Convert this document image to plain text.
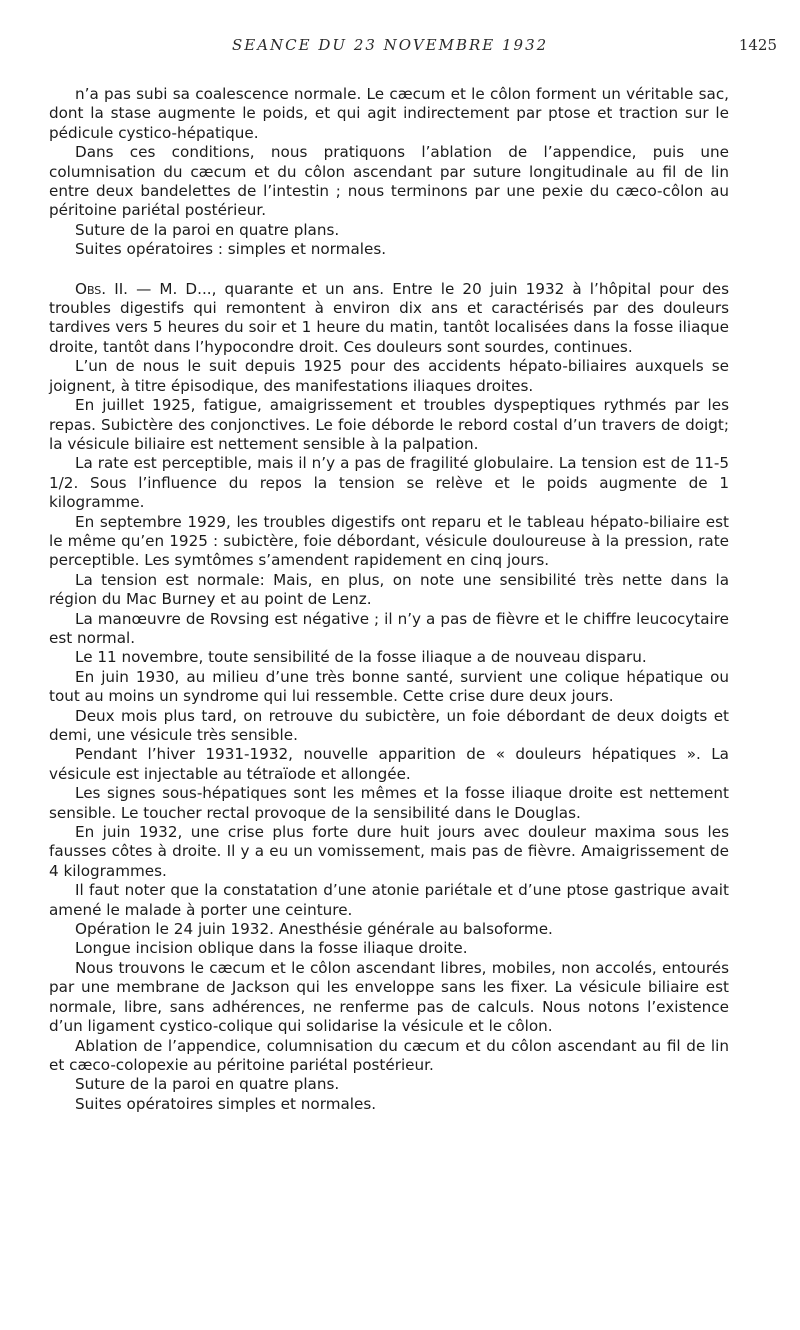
SEANCE DU 23 NOVEMBRE 1932	1425

n’a pas subi sa coalescence normale. Le cæcum et le côlon forment un véritable sac, dont la stase augmente le poids, et qui agit indirectement par ptose et traction sur le pédicule cystico-hépatique.

Dans ces conditions, nous pratiquons l’ablation de l’appendice, puis une columnisation du cæcum et du côlon ascendant par suture longitudinale au fil de lin entre deux bandelettes de l’intestin ; nous terminons par une pexie du cæco-côlon au péritoine pariétal postérieur.

Suture de la paroi en quatre plans.

Suites opératoires : simples et normales.

Obs. II. — M. D..., quarante et un ans. Entre le 20 juin 1932 à l’hôpital pour des troubles digestifs qui remontent à environ dix ans et caractérisés par des douleurs tardives vers 5 heures du soir et 1 heure du matin, tantôt localisées dans la fosse iliaque droite, tantôt dans l’hypocondre droit. Ces douleurs sont sourdes, continues.

L’un de nous le suit depuis 1925 pour des accidents hépato-biliaires auxquels se joignent, à titre épisodique, des manifestations iliaques droites.

En juillet 1925, fatigue, amaigrissement et troubles dyspeptiques rythmés par les repas. Subictère des conjonctives. Le foie déborde le rebord costal d’un travers de doigt; la vésicule biliaire est nettement sensible à la palpation.

La rate est perceptible, mais il n’y a pas de fragilité globulaire. La tension est de 11-5 1/2. Sous l’influence du repos la tension se relève et le poids augmente de 1 kilogramme.

En septembre 1929, les troubles digestifs ont reparu et le tableau hépato-biliaire est le même qu’en 1925 : subictère, foie débordant, vésicule douloureuse à la pression, rate perceptible. Les symtômes s’amendent rapidement en cinq jours.

La tension est normale: Mais, en plus, on note une sensibilité très nette dans la région du Mac Burney et au point de Lenz.

La manœuvre de Rovsing est négative ; il n’y a pas de fièvre et le chiffre leucocytaire est normal.

Le 11 novembre, toute sensibilité de la fosse iliaque a de nouveau disparu.

En juin 1930, au milieu d’une très bonne santé, survient une colique hépatique ou tout au moins un syndrome qui lui ressemble. Cette crise dure deux jours.

Deux mois plus tard, on retrouve du subictère, un foie débordant de deux doigts et demi, une vésicule très sensible.

Pendant l’hiver 1931-1932, nouvelle apparition de « douleurs hépatiques ». La vésicule est injectable au tétraïode et allongée.

Les signes sous-hépatiques sont les mêmes et la fosse iliaque droite est nettement sensible. Le toucher rectal provoque de la sensibilité dans le Douglas.

En juin 1932, une crise plus forte dure huit jours avec douleur maxima sous les fausses côtes à droite. Il y a eu un vomissement, mais pas de fièvre. Amaigrissement de 4 kilogrammes.

Il faut noter que la constatation d’une atonie pariétale et d’une ptose gastrique avait amené le malade à porter une ceinture.

Opération le 24 juin 1932. Anesthésie générale au balsoforme.

Longue incision oblique dans la fosse iliaque droite.

Nous trouvons le cæcum et le côlon ascendant libres, mobiles, non accolés, entourés par une membrane de Jackson qui les enveloppe sans les fixer. La vésicule biliaire est normale, libre, sans adhérences, ne renferme pas de calculs. Nous notons l’existence d’un ligament cystico-colique qui solidarise la vésicule et le côlon.

Ablation de l’appendice, columnisation du cæcum et du côlon ascendant au fil de lin et cæco-colopexie au péritoine pariétal postérieur.

Suture de la paroi en quatre plans.

Suites opératoires simples et normales.
